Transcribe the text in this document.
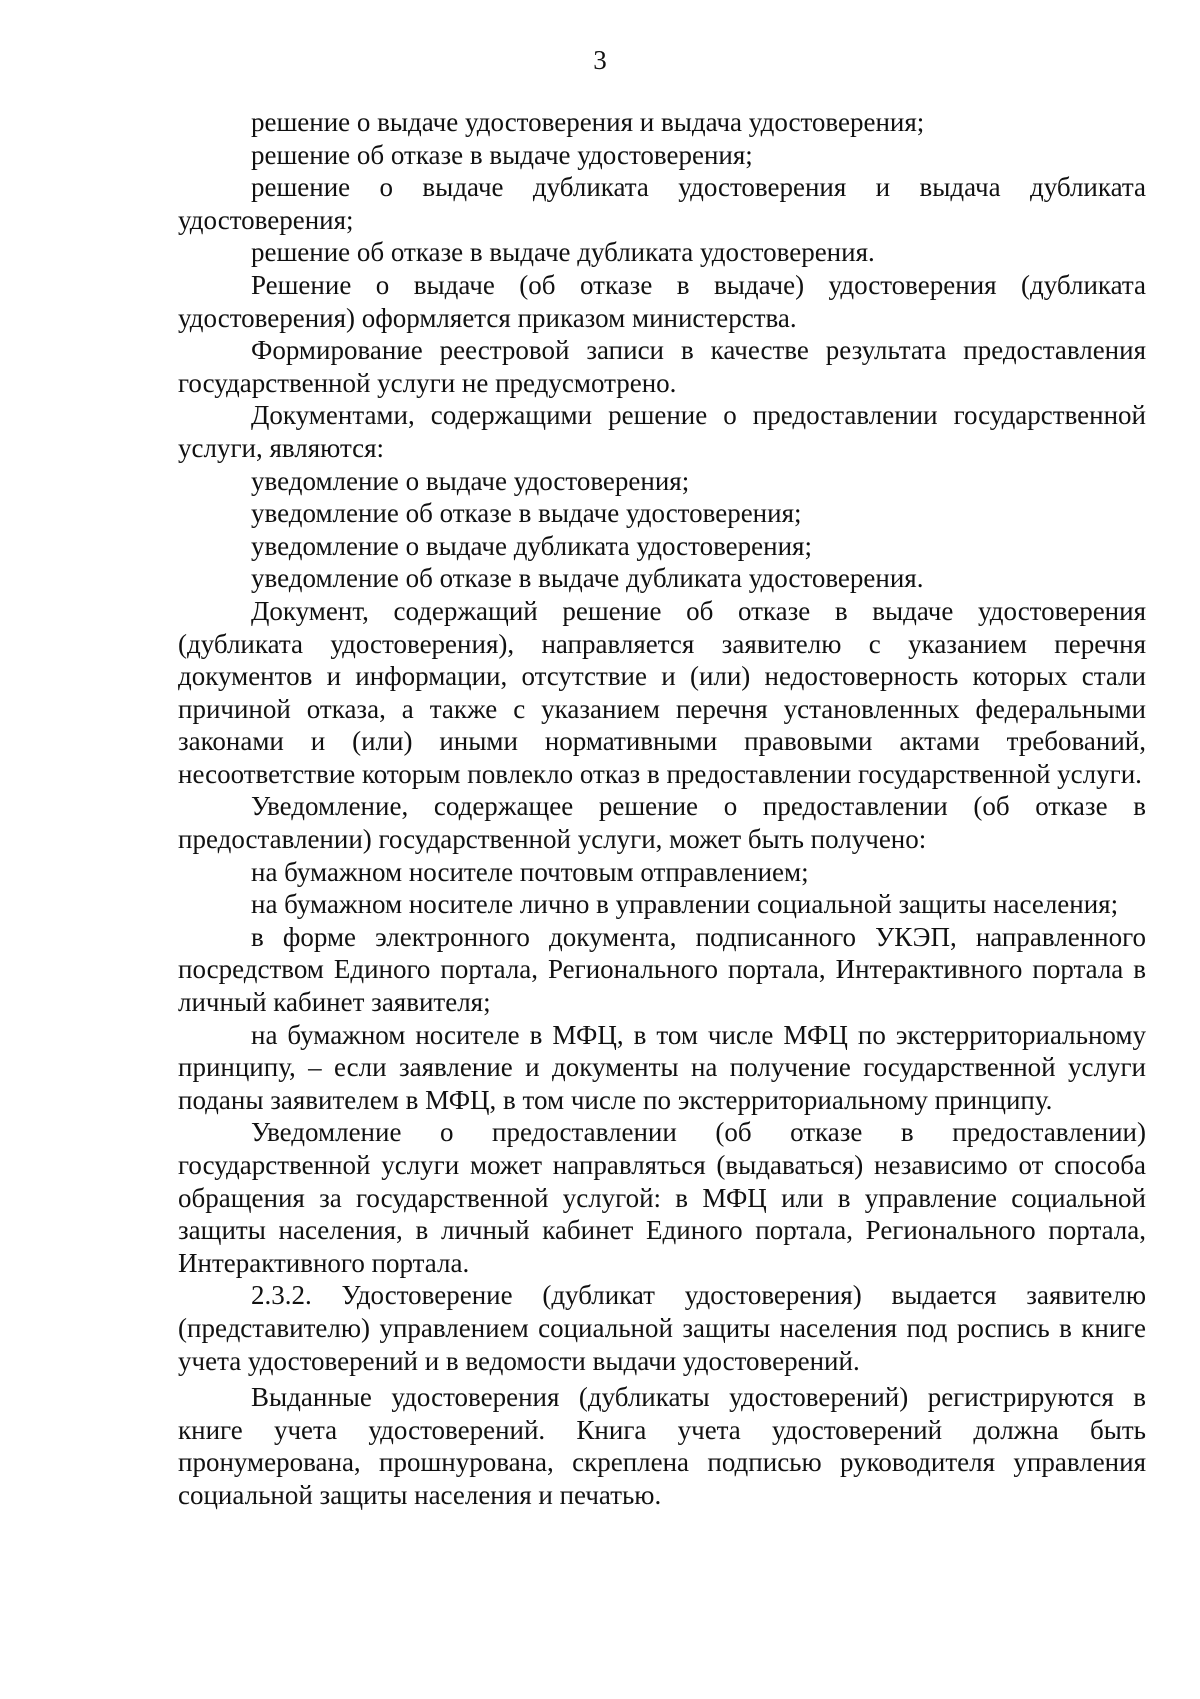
3

решение о выдаче удостоверения и выдача удостоверения;

решение об отказе в выдаче удостоверения;

решение о выдаче дубликата удостоверения и выдача дубликата удостоверения;

решение об отказе в выдаче дубликата удостоверения.

Решение о выдаче (об отказе в выдаче) удостоверения (дубликата удостоверения) оформляется приказом министерства.

Формирование реестровой записи в качестве результата предоставления государственной услуги не предусмотрено.

Документами, содержащими решение о предоставлении государственной услуги, являются:

уведомление о выдаче удостоверения;

уведомление об отказе в выдаче удостоверения;

уведомление о выдаче дубликата удостоверения;

уведомление об отказе в выдаче дубликата удостоверения.

Документ, содержащий решение об отказе в выдаче удостоверения (дубликата удостоверения), направляется заявителю с указанием перечня документов и информации, отсутствие и (или) недостоверность которых стали причиной отказа, а также с указанием перечня установленных федеральными законами и (или) иными нормативными правовыми актами требований, несоответствие которым повлекло отказ в предоставлении государственной услуги.

Уведомление, содержащее решение о предоставлении (об отказе в предоставлении) государственной услуги, может быть получено:

на бумажном носителе почтовым отправлением;

на бумажном носителе лично в управлении социальной защиты населения;

в форме электронного документа, подписанного УКЭП, направленного посредством Единого портала, Регионального портала, Интерактивного портала в личный кабинет заявителя;

на бумажном носителе в МФЦ, в том числе МФЦ по экстерриториальному принципу, – если заявление и документы на получение государственной услуги поданы заявителем в МФЦ, в том числе по экстерриториальному принципу.

Уведомление о предоставлении (об отказе в предоставлении) государственной услуги может направляться (выдаваться) независимо от способа обращения за государственной услугой: в МФЦ или в управление социальной защиты населения, в личный кабинет Единого портала, Регионального портала, Интерактивного портала.

2.3.2. Удостоверение (дубликат удостоверения) выдается заявителю (представителю) управлением социальной защиты населения под роспись в книге учета удостоверений и в ведомости выдачи удостоверений.

Выданные удостоверения (дубликаты удостоверений) регистрируются в книге учета удостоверений. Книга учета удостоверений должна быть пронумерована, прошнурована, скреплена подписью руководителя управления социальной защиты населения и печатью.
